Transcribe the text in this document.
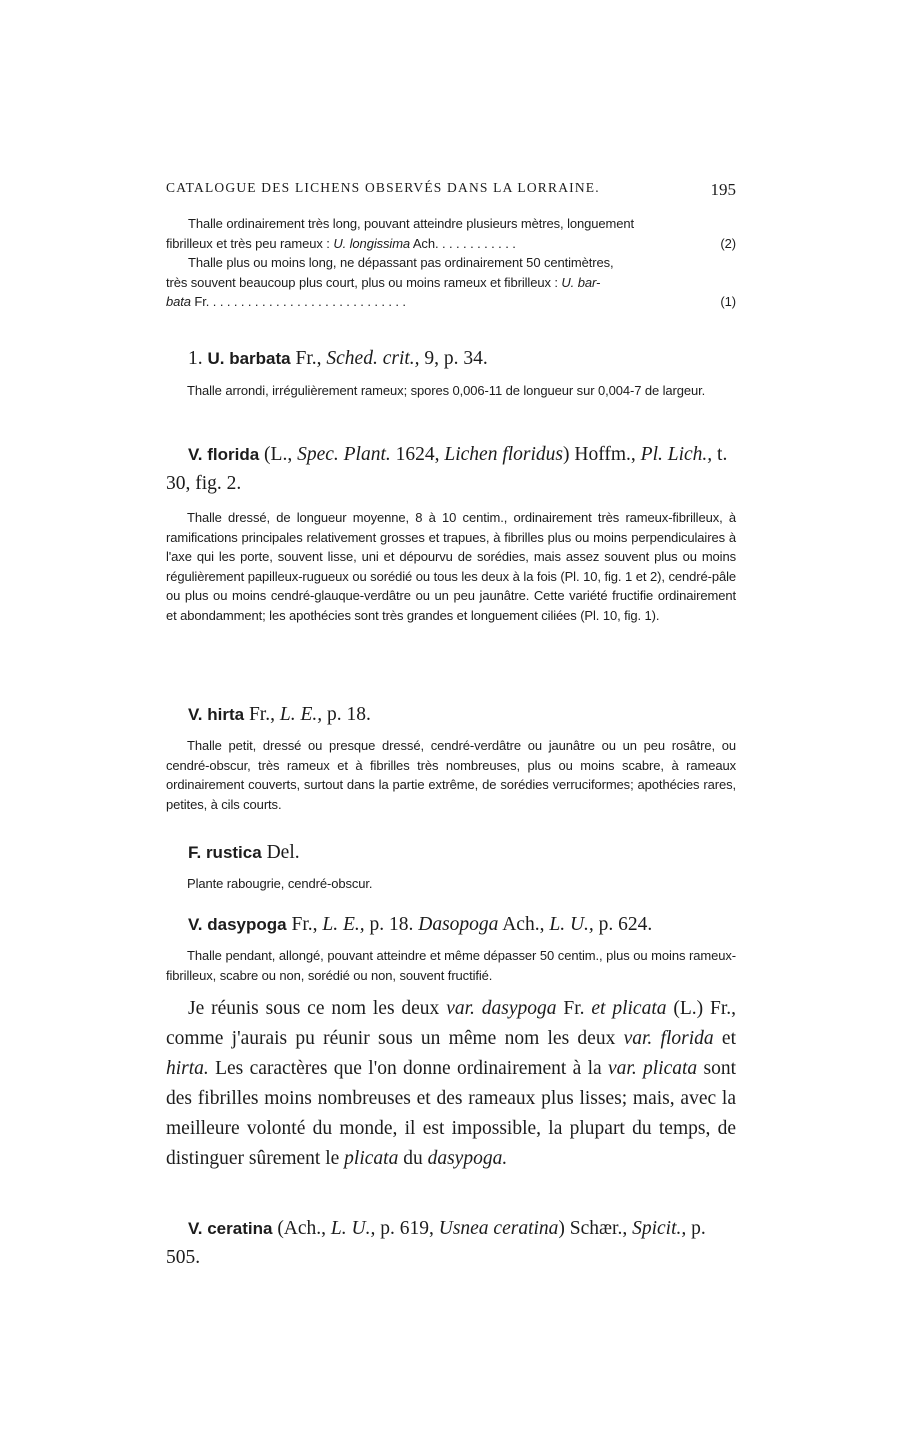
CATALOGUE DES LICHENS OBSERVÉS DANS LA LORRAINE.	195
Thalle ordinairement très long, pouvant atteindre plusieurs mètres, longuement
fibrilleux et très peu rameux : U. longissima Ach. . . . . . . . . . . .	(2)
Thalle plus ou moins long, ne dépassant pas ordinairement 50 centimètres,
très souvent beaucoup plus court, plus ou moins rameux et fibrilleux : U. bar-
bata Fr. . . . . . . . . . . . . . . . . . . . . . . . . . . . .	(1)
1. U. barbata Fr., Sched. crit., 9, p. 34.

Thalle arrondi, irrégulièrement rameux; spores 0,006-11 de longueur sur 0,004-7 de largeur.

V. florida (L., Spec. Plant. 1624, Lichen floridus) Hoffm., Pl. Lich., t. 30, fig. 2.

Thalle dressé, de longueur moyenne, 8 à 10 centim., ordinairement très rameux-fibrilleux, à ramifications principales relativement grosses et trapues, à fibrilles plus ou moins perpendiculaires à l'axe qui les porte, souvent lisse, uni et dépourvu de sorédies, mais assez souvent plus ou moins régulièrement papilleux-rugueux ou sorédié ou tous les deux à la fois (Pl. 10, fig. 1 et 2), cendré-pâle ou plus ou moins cendré-glauque-verdâtre ou un peu jaunâtre. Cette variété fructifie ordinairement et abondamment; les apothécies sont très grandes et longuement ciliées (Pl. 10, fig. 1).

V. hirta Fr., L. E., p. 18.

Thalle petit, dressé ou presque dressé, cendré-verdâtre ou jaunâtre ou un peu rosâtre, ou cendré-obscur, très rameux et à fibrilles très nombreuses, plus ou moins scabre, à rameaux ordinairement couverts, surtout dans la partie extrême, de sorédies verruciformes; apothécies rares, petites, à cils courts.

F. rustica Del.

Plante rabougrie, cendré-obscur.

V. dasypoga Fr., L. E., p. 18. Dasopoga Ach., L. U., p. 624.

Thalle pendant, allongé, pouvant atteindre et même dépasser 50 centim., plus ou moins rameux-fibrilleux, scabre ou non, sorédié ou non, souvent fructifié.

Je réunis sous ce nom les deux var. dasypoga Fr. et plicata (L.) Fr., comme j'aurais pu réunir sous un même nom les deux var. florida et hirta. Les caractères que l'on donne ordinairement à la var. plicata sont des fibrilles moins nombreuses et des rameaux plus lisses; mais, avec la meilleure volonté du monde, il est impossible, la plupart du temps, de distinguer sûrement le plicata du dasypoga.

V. ceratina (Ach., L. U., p. 619, Usnea ceratina) Schær., Spicit., p. 505.
